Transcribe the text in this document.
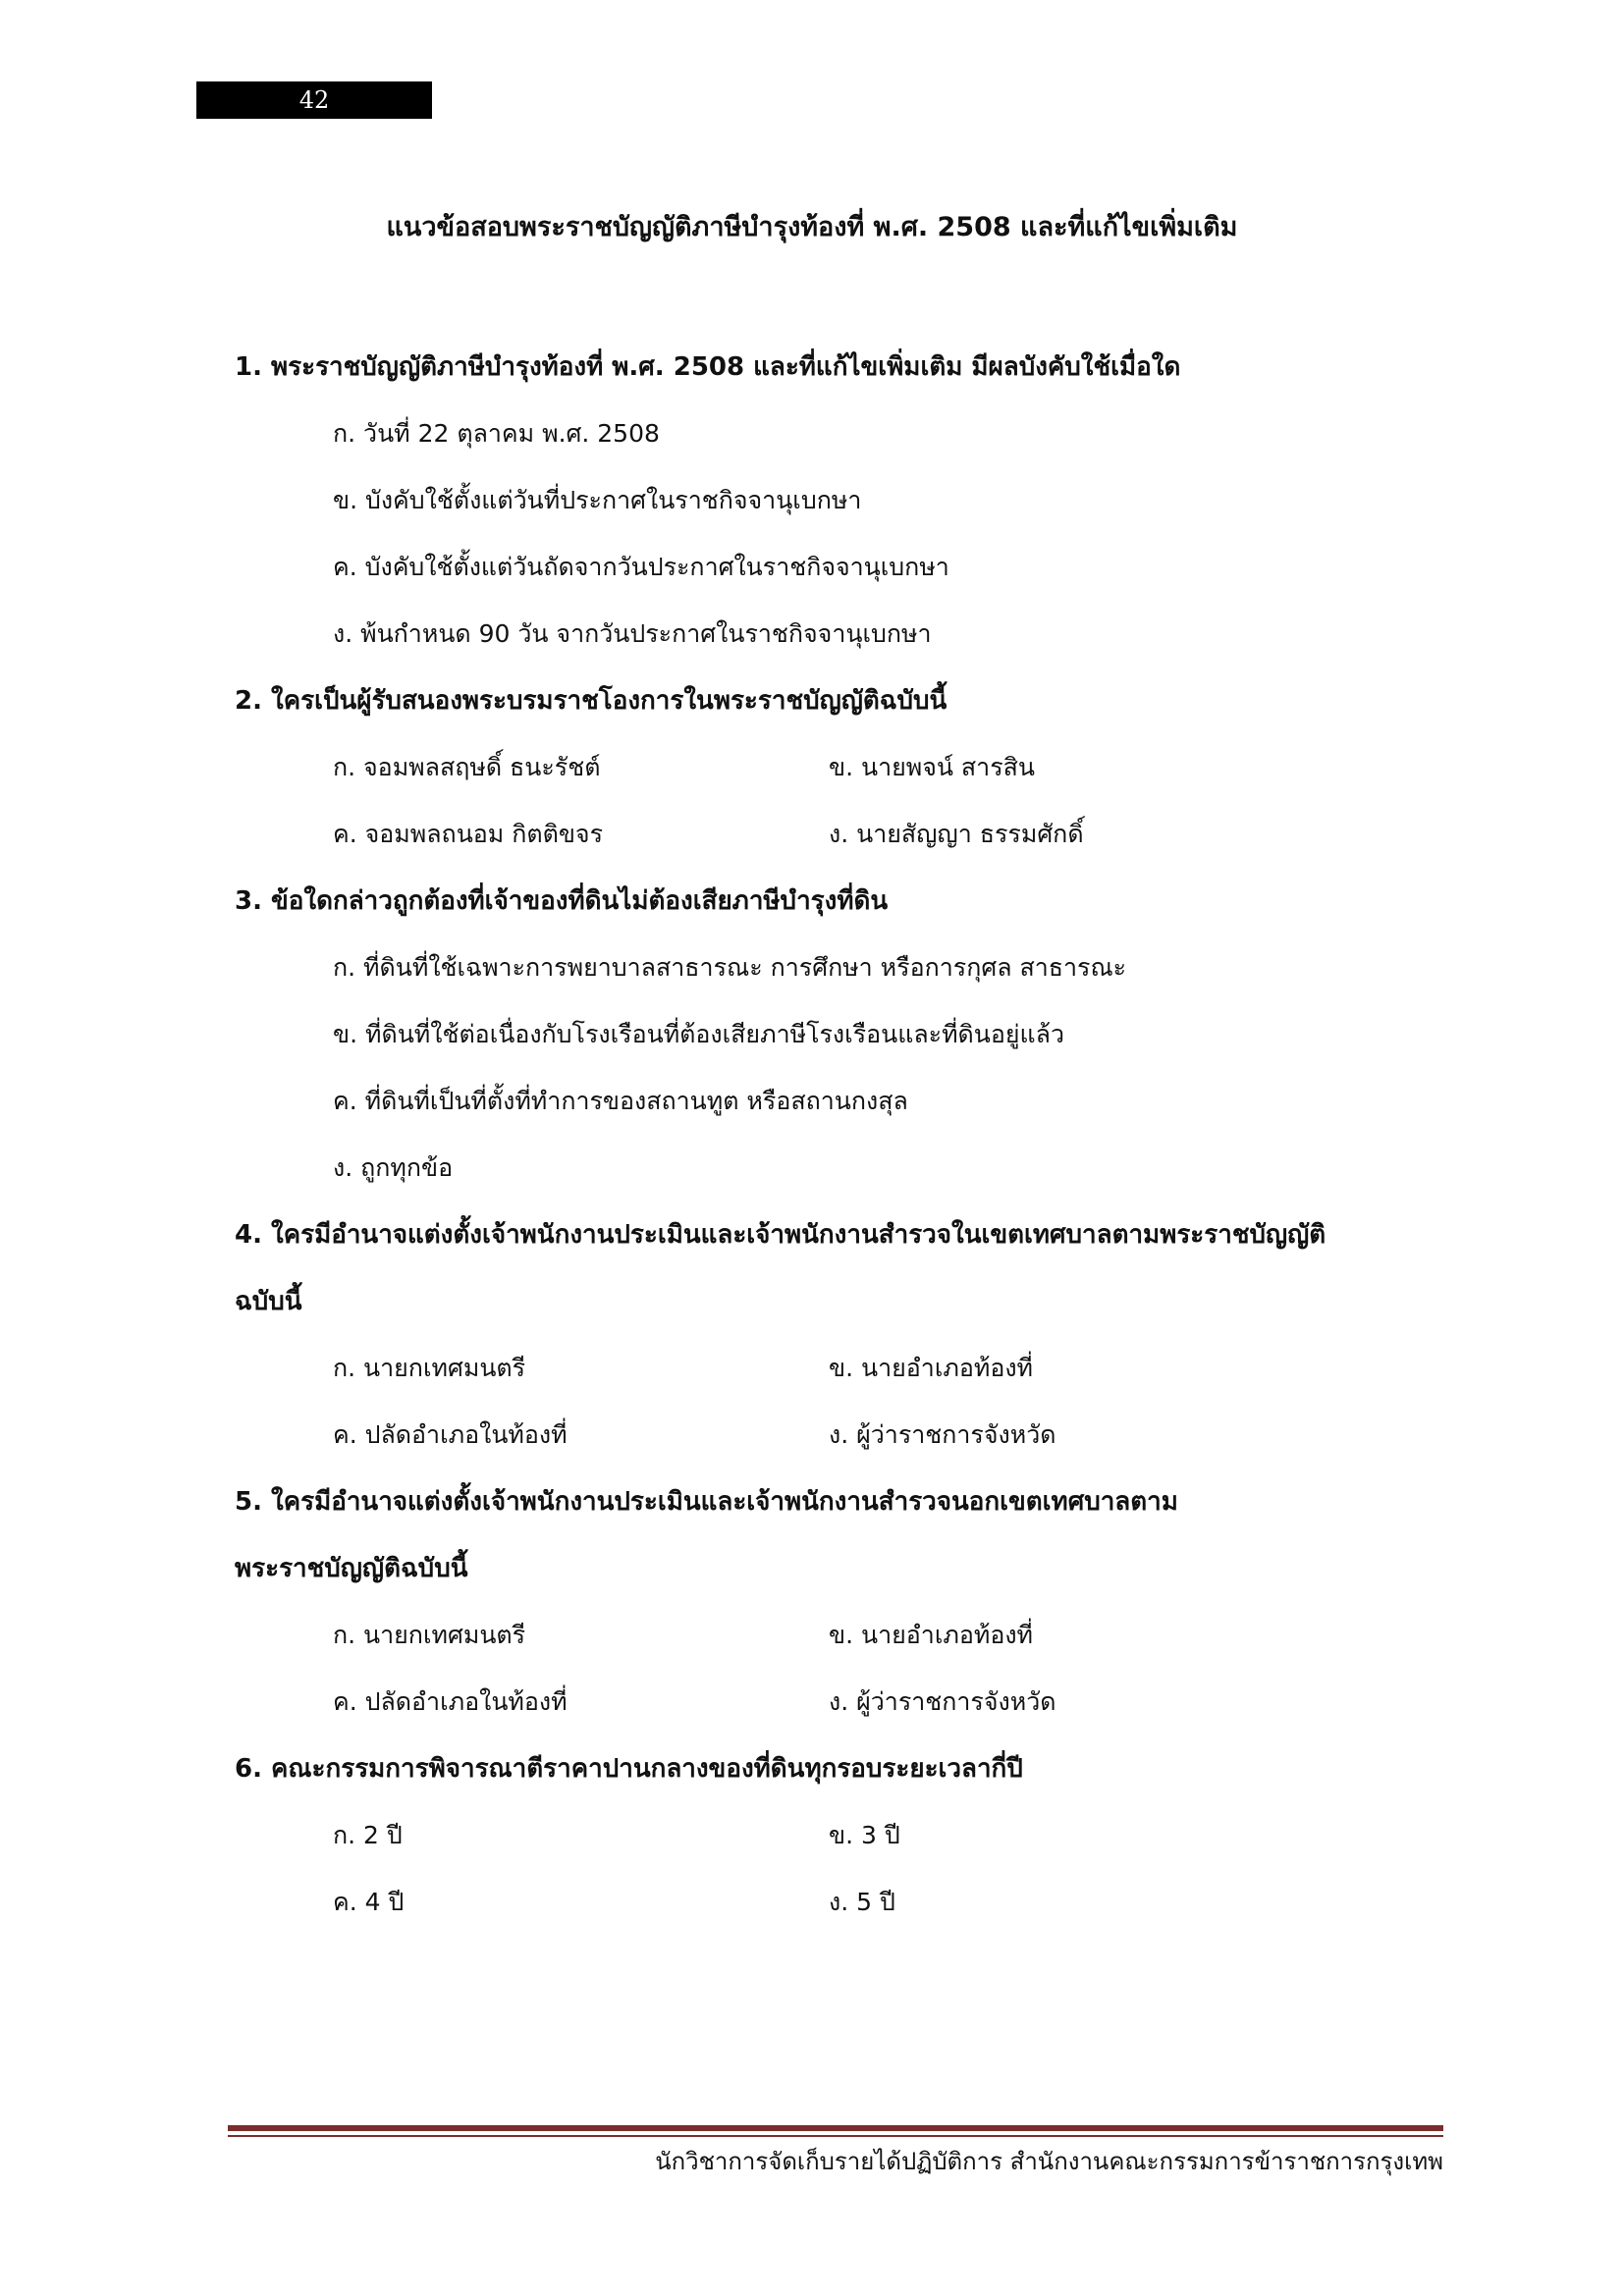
42
แนวข้อสอบพระราชบัญญัติภาษีบำรุงท้องที่ พ.ศ. 2508 และที่แก้ไขเพิ่มเติม

1. พระราชบัญญัติภาษีบำรุงท้องที่ พ.ศ. 2508 และที่แก้ไขเพิ่มเติม มีผลบังคับใช้เมื่อใด

ก. วันที่ 22 ตุลาคม พ.ศ. 2508
ข. บังคับใช้ตั้งแต่วันที่ประกาศในราชกิจจานุเบกษา
ค. บังคับใช้ตั้งแต่วันถัดจากวันประกาศในราชกิจจานุเบกษา
ง. พ้นกำหนด 90 วัน จากวันประกาศในราชกิจจานุเบกษา

2. ใครเป็นผู้รับสนองพระบรมราชโองการในพระราชบัญญัติฉบับนี้

ก. จอมพลสฤษดิ์ ธนะรัชต์	ข. นายพจน์ สารสิน
ค. จอมพลถนอม กิตติขจร	ง. นายสัญญา ธรรมศักดิ์

3. ข้อใดกล่าวถูกต้องที่เจ้าของที่ดินไม่ต้องเสียภาษีบำรุงที่ดิน

ก. ที่ดินที่ใช้เฉพาะการพยาบาลสาธารณะ การศึกษา หรือการกุศล สาธารณะ
ข. ที่ดินที่ใช้ต่อเนื่องกับโรงเรือนที่ต้องเสียภาษีโรงเรือนและที่ดินอยู่แล้ว
ค. ที่ดินที่เป็นที่ตั้งที่ทำการของสถานทูต หรือสถานกงสุล
ง. ถูกทุกข้อ

4. ใครมีอำนาจแต่งตั้งเจ้าพนักงานประเมินและเจ้าพนักงานสำรวจในเขตเทศบาลตามพระราชบัญญัติ

ฉบับนี้

ก. นายกเทศมนตรี	ข. นายอำเภอท้องที่
ค. ปลัดอำเภอในท้องที่	ง. ผู้ว่าราชการจังหวัด

5. ใครมีอำนาจแต่งตั้งเจ้าพนักงานประเมินและเจ้าพนักงานสำรวจนอกเขตเทศบาลตาม

พระราชบัญญัติฉบับนี้

ก. นายกเทศมนตรี	ข. นายอำเภอท้องที่
ค. ปลัดอำเภอในท้องที่	ง. ผู้ว่าราชการจังหวัด

6. คณะกรรมการพิจารณาตีราคาปานกลางของที่ดินทุกรอบระยะเวลากี่ปี

ก. 2 ปี	ข. 3 ปี
ค. 4 ปี	ง. 5 ปี
นักวิชาการจัดเก็บรายได้ปฏิบัติการ สำนักงานคณะกรรมการข้าราชการกรุงเทพ
